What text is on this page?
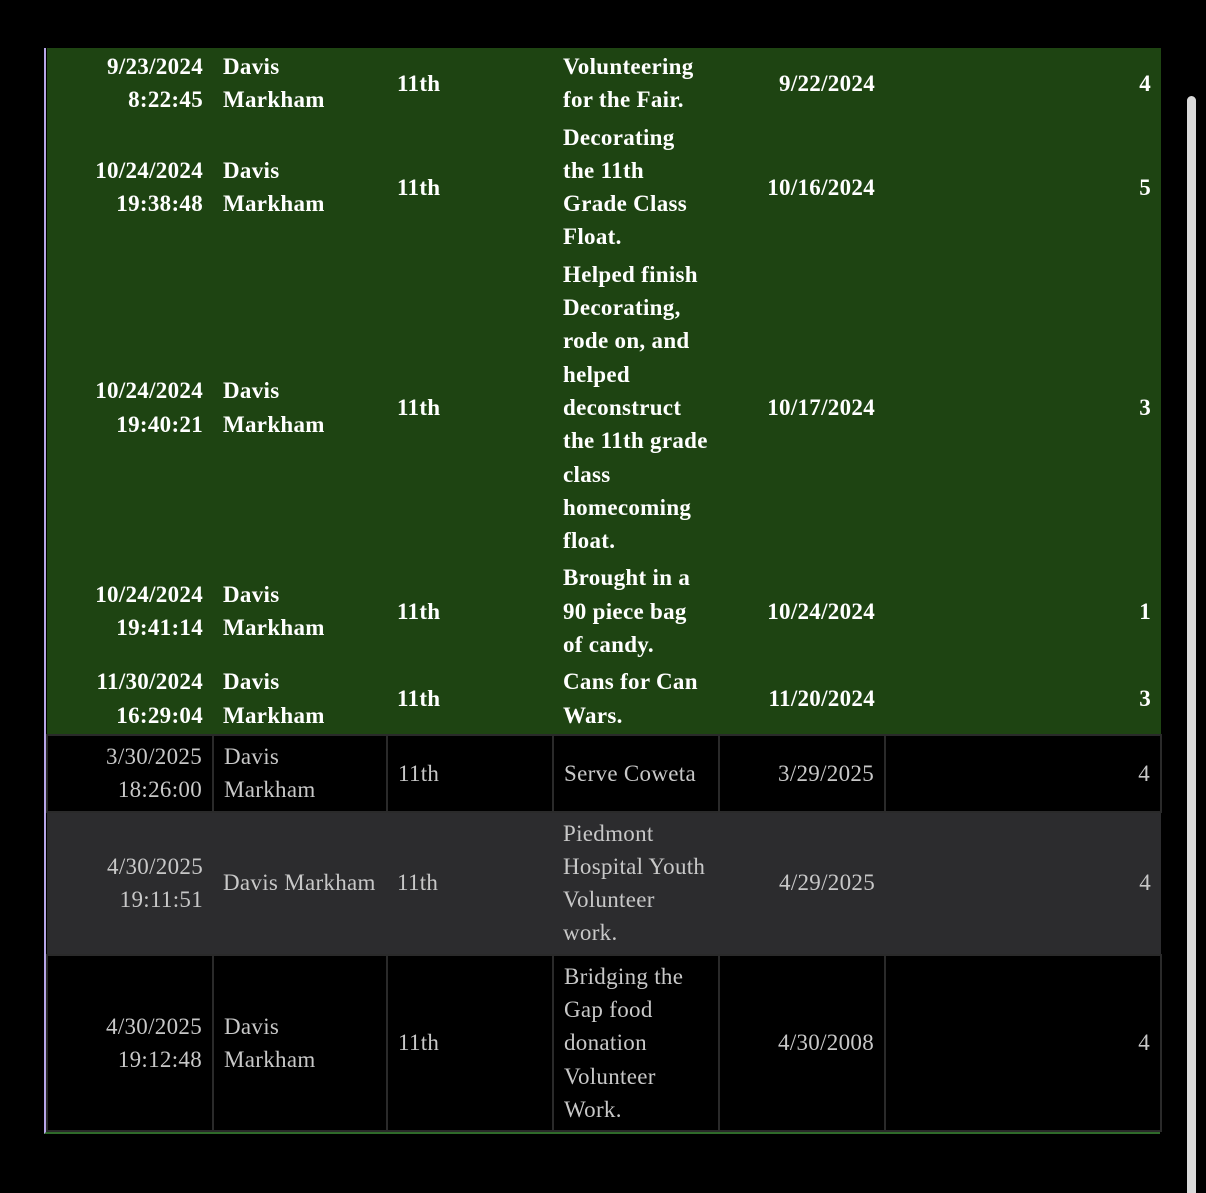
9/23/2024 8:22:45	Davis Markham	11th	Volunteering for the Fair.	9/22/2024	4
10/24/2024 19:38:48	Davis Markham	11th	Decorating the 11th Grade Class Float.	10/16/2024	5
10/24/2024 19:40:21	Davis Markham	11th	Helped finish Decorating, rode on, and helped deconstruct the 11th grade class homecoming float.	10/17/2024	3
10/24/2024 19:41:14	Davis Markham	11th	Brought in a 90 piece bag of candy.	10/24/2024	1
11/30/2024 16:29:04	Davis Markham	11th	Cans for Can Wars.	11/20/2024	3
3/30/2025 18:26:00	Davis Markham	11th	Serve Coweta	3/29/2025	4
4/30/2025 19:11:51	Davis Markham	11th	Piedmont Hospital Youth Volunteer work.	4/29/2025	4
4/30/2025 19:12:48	Davis Markham	11th	Bridging the Gap food donation Volunteer Work.	4/30/2008	4
